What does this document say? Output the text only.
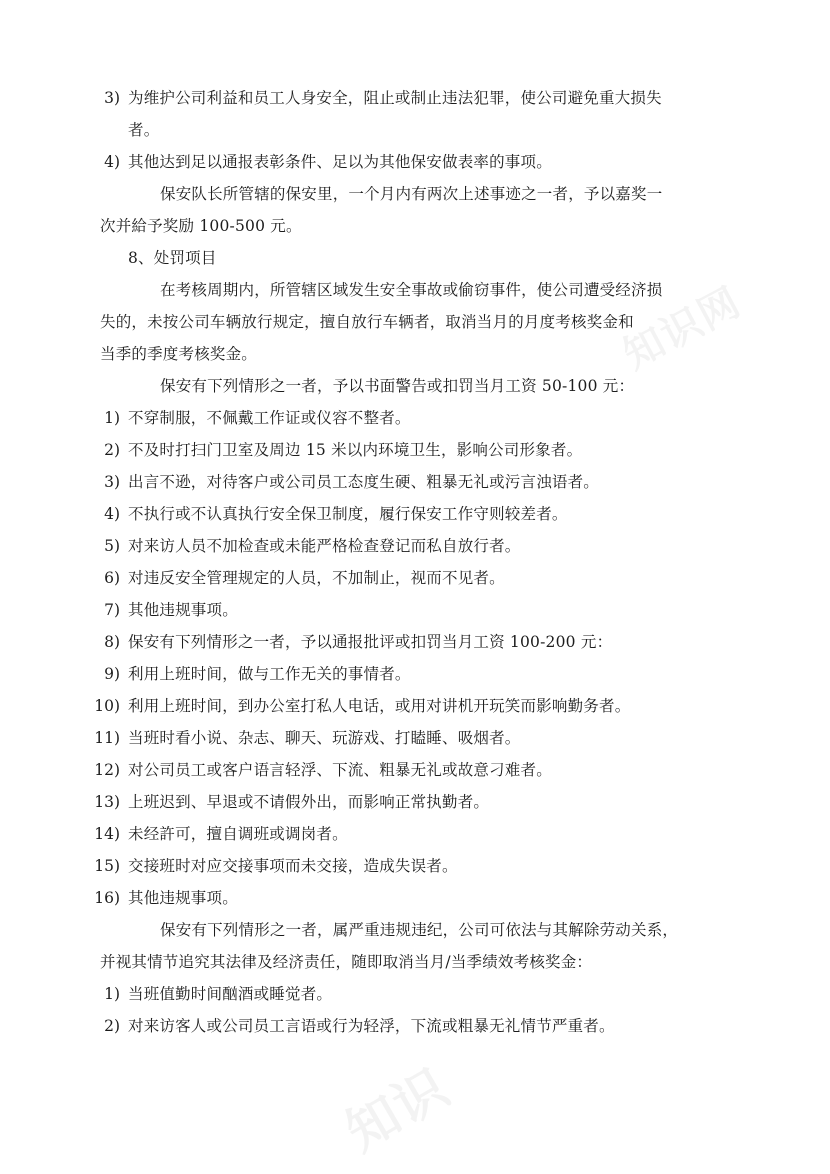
3) 为维护公司利益和员工人身安全，阻止或制止违法犯罪，使公司避免重大损失
者。
4) 其他达到足以通报表彰条件、足以为其他保安做表率的事项。
保安队长所管辖的保安里，一个月内有两次上述事迹之一者，予以嘉奖一
次并給予奖励 100-500 元。
8、处罚项目
在考核周期内，所管辖区域发生安全事故或偷窃事件，使公司遭受经济损
失的，未按公司车辆放行规定，擅自放行车辆者，取消当月的月度考核奖金和
当季的季度考核奖金。
保安有下列情形之一者，予以书面警告或扣罚当月工资 50-100 元：
1) 不穿制服，不佩戴工作证或仪容不整者。
2) 不及时打扫门卫室及周边 15 米以内环境卫生，影响公司形象者。
3) 出言不逊，对待客户或公司员工态度生硬、粗暴无礼或污言浊语者。
4) 不执行或不认真执行安全保卫制度，履行保安工作守则较差者。
5) 对来访人员不加检查或未能严格检查登记而私自放行者。
6) 对违反安全管理规定的人员，不加制止，视而不见者。
7) 其他违规事项。
8) 保安有下列情形之一者，予以通报批评或扣罚当月工资 100-200 元：
9) 利用上班时间，做与工作无关的事情者。
10) 利用上班时间，到办公室打私人电话，或用对讲机开玩笑而影响勤务者。
11) 当班时看小说、杂志、聊天、玩游戏、打瞌睡、吸烟者。
12) 对公司员工或客户语言轻浮、下流、粗暴无礼或故意刁难者。
13) 上班迟到、早退或不请假外出，而影响正常执勤者。
14) 未经許可，擅自调班或调岗者。
15) 交接班时对应交接事项而未交接，造成失误者。
16) 其他违规事项。
保安有下列情形之一者，属严重违规违纪，公司可依法与其解除劳动关系，
并视其情节追究其法律及经济责任，随即取消当月/当季绩效考核奖金：
1) 当班值勤时间酗酒或睡觉者。
2) 对来访客人或公司员工言语或行为轻浮，下流或粗暴无礼情节严重者。
